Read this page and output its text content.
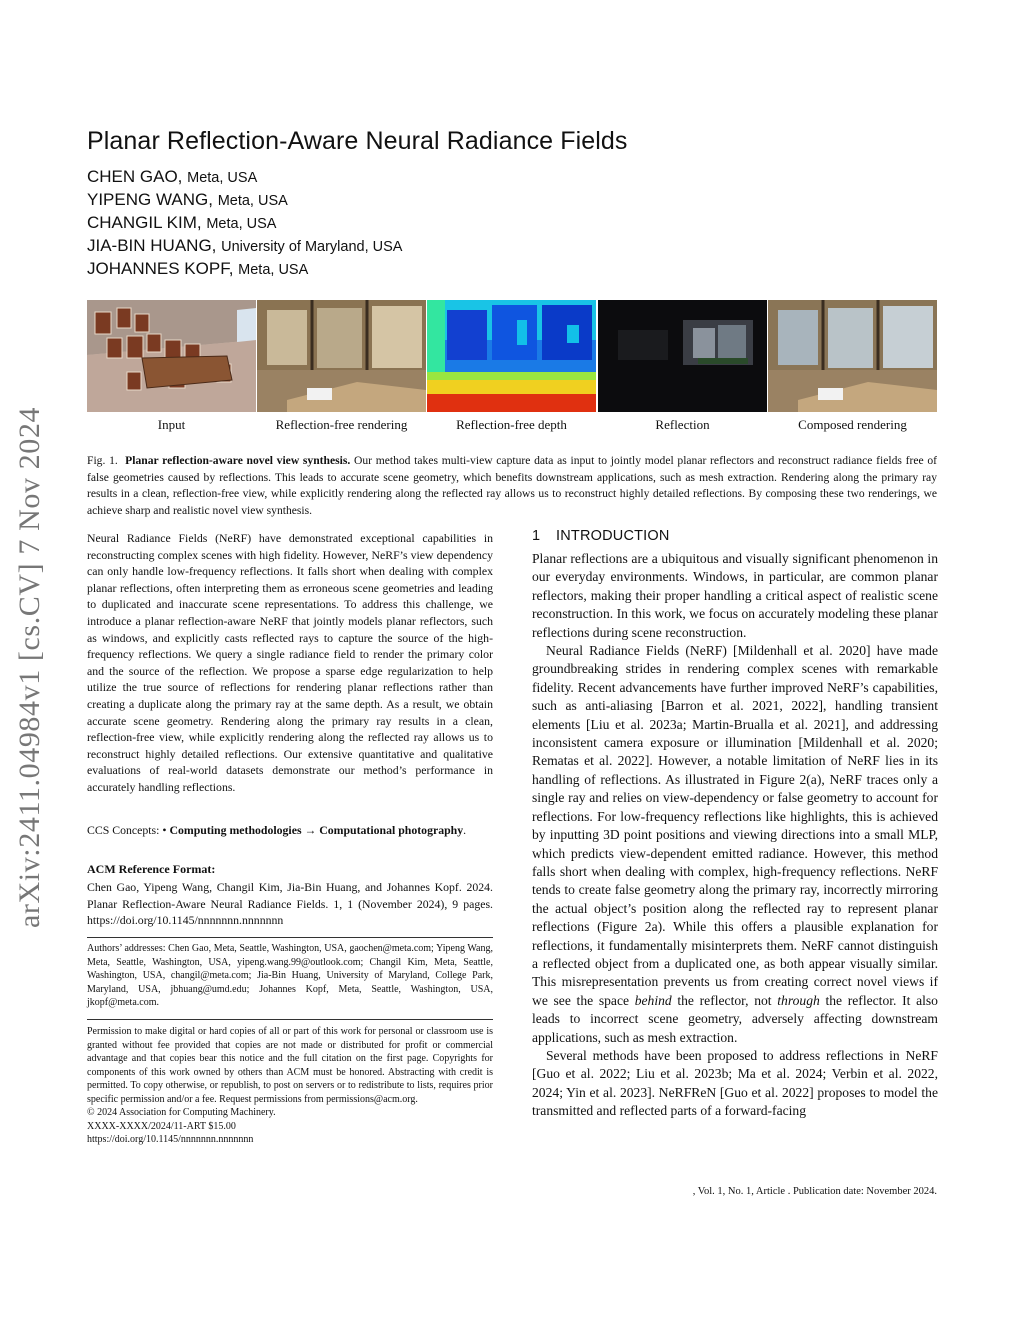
arXiv:2411.04984v1 [cs.CV] 7 Nov 2024
Planar Reflection-Aware Neural Radiance Fields
CHEN GAO, Meta, USA
YIPENG WANG, Meta, USA
CHANGIL KIM, Meta, USA
JIA-BIN HUANG, University of Maryland, USA
JOHANNES KOPF, Meta, USA
Input	Reflection-free rendering	Reflection-free depth	Reflection	Composed rendering
Fig. 1. Planar reflection-aware novel view synthesis. Our method takes multi-view capture data as input to jointly model planar reflectors and reconstruct radiance fields free of false geometries caused by reflections. This leads to accurate scene geometry, which benefits downstream applications, such as mesh extraction. Rendering along the primary ray results in a clean, reflection-free view, while explicitly rendering along the reflected ray allows us to reconstruct highly detailed reflections. By composing these two renderings, we achieve sharp and realistic novel view synthesis.
Neural Radiance Fields (NeRF) have demonstrated exceptional capabilities in reconstructing complex scenes with high fidelity. However, NeRF’s view dependency can only handle low-frequency reflections. It falls short when dealing with complex planar reflections, often interpreting them as erroneous scene geometries and leading to duplicated and inaccurate scene representations. To address this challenge, we introduce a planar reflection-aware NeRF that jointly models planar reflectors, such as windows, and explicitly casts reflected rays to capture the source of the high-frequency reflections. We query a single radiance field to render the primary color and the source of the reflection. We propose a sparse edge regularization to help utilize the true source of reflections for rendering planar reflections rather than creating a duplicate along the primary ray at the same depth. As a result, we obtain accurate scene geometry. Rendering along the primary ray results in a clean, reflection-free view, while explicitly rendering along the reflected ray allows us to reconstruct highly detailed reflections. Our extensive quantitative and qualitative evaluations of real-world datasets demonstrate our method’s performance in accurately handling reflections.
CCS Concepts: • Computing methodologies → Computational photography.
ACM Reference Format:
Chen Gao, Yipeng Wang, Changil Kim, Jia-Bin Huang, and Johannes Kopf. 2024. Planar Reflection-Aware Neural Radiance Fields. 1, 1 (November 2024), 9 pages. https://doi.org/10.1145/nnnnnnn.nnnnnnn
Authors’ addresses: Chen Gao, Meta, Seattle, Washington, USA, gaochen@meta.com; Yipeng Wang, Meta, Seattle, Washington, USA, yipeng.wang.99@outlook.com; Changil Kim, Meta, Seattle, Washington, USA, changil@meta.com; Jia-Bin Huang, University of Maryland, College Park, Maryland, USA, jbhuang@umd.edu; Johannes Kopf, Meta, Seattle, Washington, USA, jkopf@meta.com.

Permission to make digital or hard copies of all or part of this work for personal or classroom use is granted without fee provided that copies are not made or distributed for profit or commercial advantage and that copies bear this notice and the full citation on the first page. Copyrights for components of this work owned by others than ACM must be honored. Abstracting with credit is permitted. To copy otherwise, or republish, to post on servers or to redistribute to lists, requires prior specific permission and/or a fee. Request permissions from permissions@acm.org.

© 2024 Association for Computing Machinery.

XXXX-XXXX/2024/11-ART $15.00

https://doi.org/10.1145/nnnnnnn.nnnnnnn

1 INTRODUCTION

Planar reflections are a ubiquitous and visually significant phenomenon in our everyday environments. Windows, in particular, are common planar reflectors, making their proper handling a critical aspect of realistic scene reconstruction. In this work, we focus on accurately modeling these planar reflections during scene reconstruction.

Neural Radiance Fields (NeRF) [Mildenhall et al. 2020] have made groundbreaking strides in rendering complex scenes with remarkable fidelity. Recent advancements have further improved NeRF’s capabilities, such as anti-aliasing [Barron et al. 2021, 2022], handling transient elements [Liu et al. 2023a; Martin-Brualla et al. 2021], and addressing inconsistent camera exposure or illumination [Mildenhall et al. 2020; Rematas et al. 2022]. However, a notable limitation of NeRF lies in its handling of reflections. As illustrated in Figure 2(a), NeRF traces only a single ray and relies on view-dependency or false geometry to account for reflections. For low-frequency reflections like highlights, this is achieved by inputting 3D point positions and viewing directions into a small MLP, which predicts view-dependent emitted radiance. However, this method falls short when dealing with complex, high-frequency reflections. NeRF tends to create false geometry along the primary ray, incorrectly mirroring the actual object’s position along the reflected ray to represent planar reflections (Figure 2a). While this offers a plausible explanation for reflections, it fundamentally misinterprets them. NeRF cannot distinguish a reflected object from a duplicated one, as both appear visually similar. This misrepresentation prevents us from creating correct novel views if we see the space behind the reflector, not through the reflector. It also leads to incorrect scene geometry, adversely affecting downstream applications, such as mesh extraction.

Several methods have been proposed to address reflections in NeRF [Guo et al. 2022; Liu et al. 2023b; Ma et al. 2024; Verbin et al. 2022, 2024; Yin et al. 2023]. NeRFReN [Guo et al. 2022] proposes to model the transmitted and reflected parts of a forward-facing

, Vol. 1, No. 1, Article . Publication date: November 2024.
